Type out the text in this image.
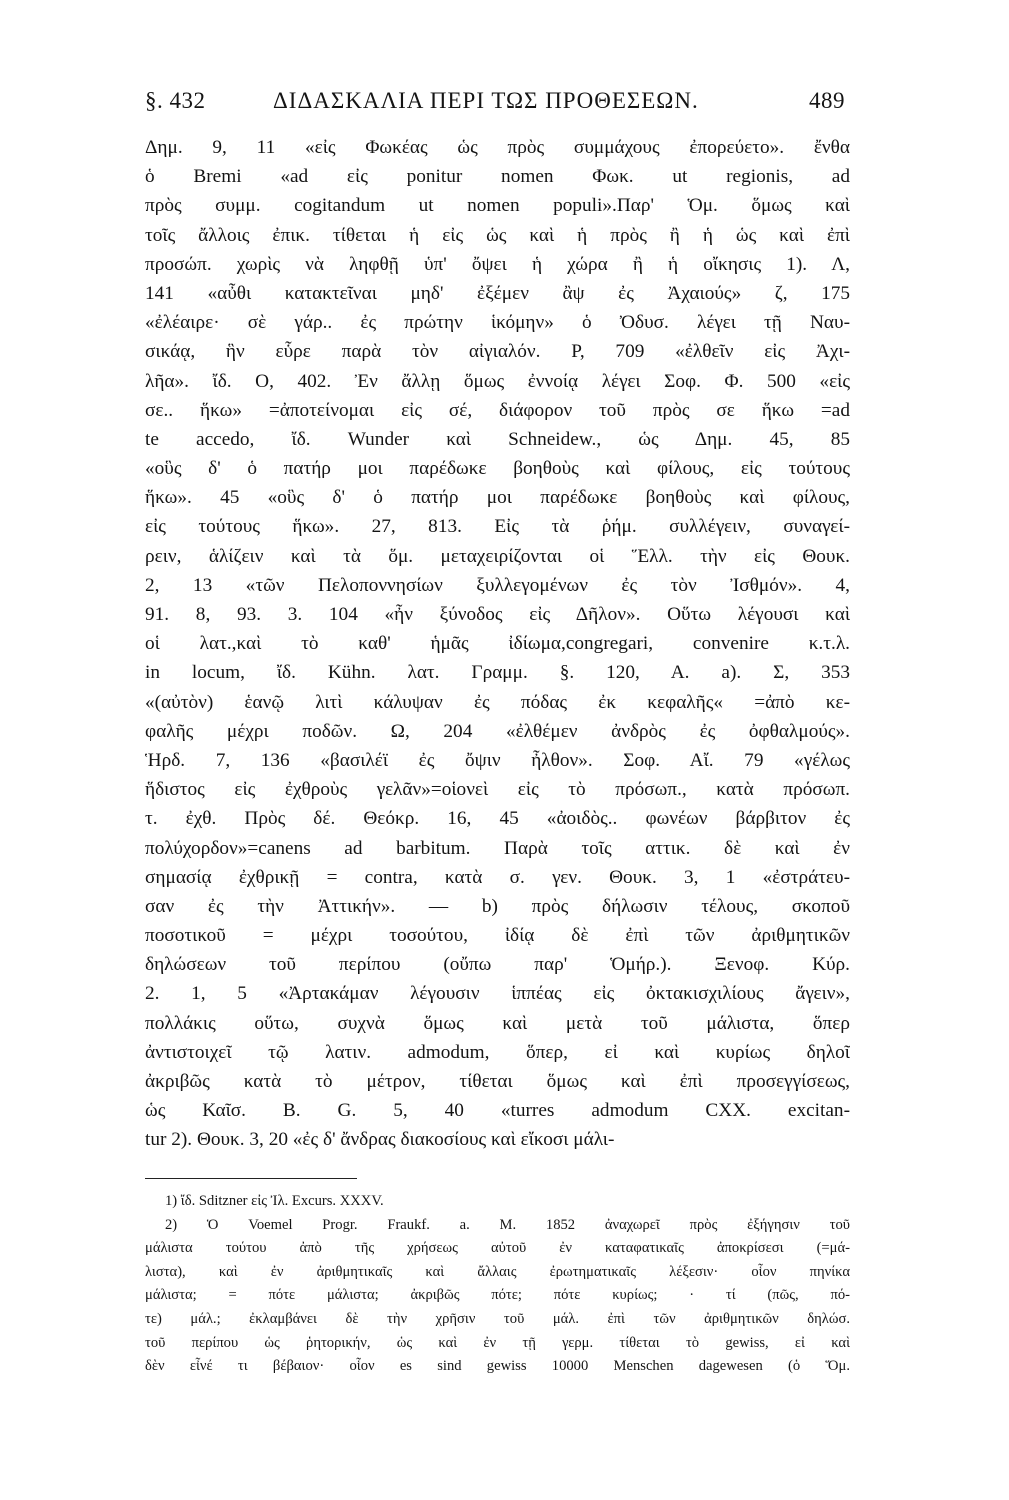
§. 432	ΔΙΔΑΣΚΑΛΙΑ ΠΕΡΙ ΤΩΣ ΠΡΟΘΕΣΕΩΝ.	489
Δημ. 9, 11 «εἰς Φωκέας ὡς πρὸς συμμάχους ἐπορεύετο». ἔνθα
ὁ Bremi «ad εἰς ponitur nomen Φωκ. ut regionis, ad
πρὸς συμμ. cogitandum ut nomen populi».Παρ' Ὁμ. ὅμως καὶ
τοῖς ἄλλοις ἐπικ. τίθεται ἡ εἰς ὡς καὶ ἡ πρὸς ἢ ἡ ὡς καὶ ἐπὶ
προσώπ. χωρὶς νὰ ληφθῇ ὑπ' ὄψει ἡ χώρα ἢ ἡ οἴκησις 1). Λ,
141 «αὖθι κατακτεῖναι μηδ' ἐξέμεν ἂψ ἐς Ἀχαιούς» ζ, 175
«ἐλέαιρε· σὲ γάρ.. ἐς πρώτην ἱκόμην» ὁ Ὀδυσ. λέγει τῇ Ναυ-
σικάᾳ, ἣν εὗρε παρὰ τὸν αἰγιαλόν. Ρ, 709 «ἐλθεῖν εἰς Ἀχι-
λῆα». ἴδ. Ο, 402. Ἐν ἄλλῃ ὅμως ἐννοίᾳ λέγει Σοφ. Φ. 500 «εἰς
σε.. ἥκω» =ἀποτείνομαι εἰς σέ, διάφορον τοῦ πρὸς σε ἥκω =ad
te accedo, ἴδ. Wunder καὶ Schneidew., ὡς Δημ. 45, 85
«οὓς δ' ὁ πατήρ μοι παρέδωκε βοηθοὺς καὶ φίλους, εἰς τούτους
ἥκω». 45 «οὓς δ' ὁ πατήρ μοι παρέδωκε βοηθοὺς καὶ φίλους,
εἰς τούτους ἥκω». 27, 813. Εἰς τὰ ῥήμ. συλλέγειν, συναγεί-
ρειν, ἁλίζειν καὶ τὰ ὅμ. μεταχειρίζονται οἱ Ἕλλ. τὴν εἰς Θουκ.
2, 13 «τῶν Πελοποννησίων ξυλλεγομένων ἐς τὸν Ἰσθμόν». 4,
91. 8, 93. 3. 104 «ἦν ξύνοδος εἰς Δῆλον». Οὕτω λέγουσι καὶ
οἱ λατ.,καὶ τὸ καθ' ἡμᾶς ἰδίωμα,congregari, convenire κ.τ.λ.
in locum, ἴδ. Kühn. λατ. Γραμμ. §. 120, Α. a). Σ, 353
«(αὐτὸν) ἑανῷ λιτὶ κάλυψαν ἐς πόδας ἐκ κεφαλῆς« =ἀπὸ κε-
φαλῆς μέχρι ποδῶν. Ω, 204 «ἐλθέμεν ἀνδρὸς ἐς ὀφθαλμούς».
Ἡρδ. 7, 136 «βασιλέϊ ἐς ὄψιν ἦλθον». Σοφ. Αἴ. 79 «γέλως
ἥδιστος εἰς ἐχθροὺς γελᾶν»=οἱονεὶ εἰς τὸ πρόσωπ., κατὰ πρόσωπ.
τ. ἐχθ. Πρὸς δέ. Θεόκρ. 16, 45 «ἀοιδὸς.. φωνέων βάρβιτον ἐς
πολύχορδον»=canens ad barbitum. Παρὰ τοῖς αττικ. δὲ καὶ ἐν
σημασίᾳ ἐχθρικῇ = contra, κατὰ σ. γεν. Θουκ. 3, 1 «ἐστράτευ-
σαν ἐς τὴν Ἀττικήν». — b) πρὸς δήλωσιν τέλους, σκοποῦ
ποσοτικοῦ = μέχρι τοσούτου, ἰδίᾳ δὲ ἐπὶ τῶν ἀριθμητικῶν
δηλώσεων τοῦ περίπου (οὔπω παρ' Ὁμήρ.). Ξενοφ. Κύρ.
2. 1, 5 «Ἀρτακάμαν λέγουσιν ἱππέας εἰς ὀκτακισχιλίους ἄγειν»,
πολλάκις οὕτω, συχνὰ ὅμως καὶ μετὰ τοῦ μάλιστα, ὅπερ
ἀντιστοιχεῖ τῷ λατιν. admodum, ὅπερ, εἰ καὶ κυρίως δηλοῖ
ἀκριβῶς κατὰ τὸ μέτρον, τίθεται ὅμως καὶ ἐπὶ προσεγγίσεως,
ὡς Καῖσ. B. G. 5, 40 «turres admodum CXX. excitan-
tur 2). Θουκ. 3, 20 «ἐς δ' ἄνδρας διακοσίους καὶ εἴκοσι μάλι-
1) ἴδ. Sditzner εἰς Ἰλ. Excurs. XXXV.
2) Ὁ Voemel Progr. Fraukf. a. M. 1852 ἀναχωρεῖ πρὸς ἐξήγησιν τοῦ
μάλιστα τούτου ἀπὸ τῆς χρήσεως αὐτοῦ ἐν καταφατικαῖς ἀποκρίσεσι (=μά-
λιστα), καὶ ἐν ἀριθμητικαῖς καὶ ἄλλαις ἐρωτηματικαῖς λέξεσιν· οἷον πηνίκα
μάλιστα; = πότε μάλιστα; ἀκριβῶς πότε; πότε κυρίως; · τί (πῶς, πό-
τε) μάλ.; ἐκλαμβάνει δὲ τὴν χρῆσιν τοῦ μάλ. ἐπὶ τῶν ἀριθμητικῶν δηλώσ.
τοῦ περίπου ὡς ῥητορικήν, ὡς καὶ ἐν τῇ γερμ. τίθεται τὸ gewiss, εἰ καὶ
δὲν εἶνέ τι βέβαιον· οἷον es sind gewiss 10000 Menschen dagewesen (ὁ Ὅμ.
